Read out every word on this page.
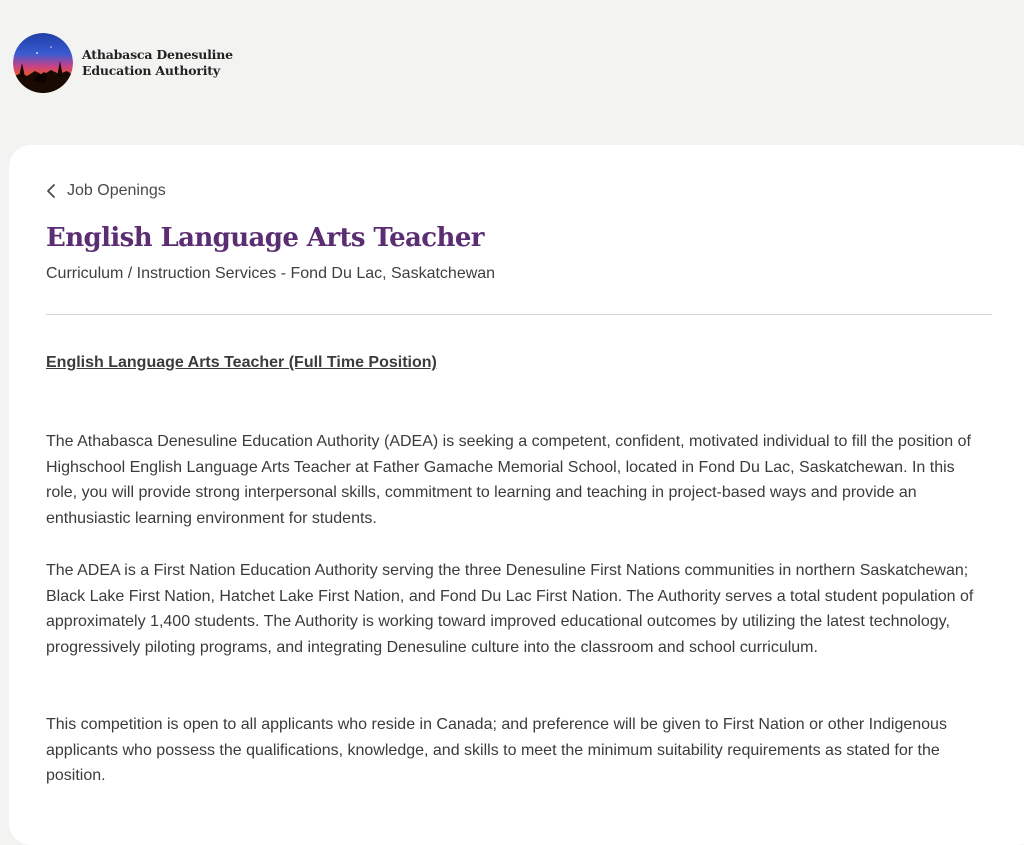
Athabasca Denesuline
Education Authority
Job Openings
English Language Arts Teacher
Curriculum / Instruction Services - Fond Du Lac, Saskatchewan
English Language Arts Teacher (Full Time Position)

The Athabasca Denesuline Education Authority (ADEA) is seeking a competent, confident, motivated individual to fill the position of Highschool English Language Arts Teacher at Father Gamache Memorial School, located in Fond Du Lac, Saskatchewan. In this role, you will provide strong interpersonal skills, commitment to learning and teaching in project-based ways and provide an enthusiastic learning environment for students.

The ADEA is a First Nation Education Authority serving the three Denesuline First Nations communities in northern Saskatchewan; Black Lake First Nation, Hatchet Lake First Nation, and Fond Du Lac First Nation. The Authority serves a total student population of approximately 1,400 students. The Authority is working toward improved educational outcomes by utilizing the latest technology, progressively piloting programs, and integrating Denesuline culture into the classroom and school curriculum.

This competition is open to all applicants who reside in Canada; and preference will be given to First Nation or other Indigenous applicants who possess the qualifications, knowledge, and skills to meet the minimum suitability requirements as stated for the position.
